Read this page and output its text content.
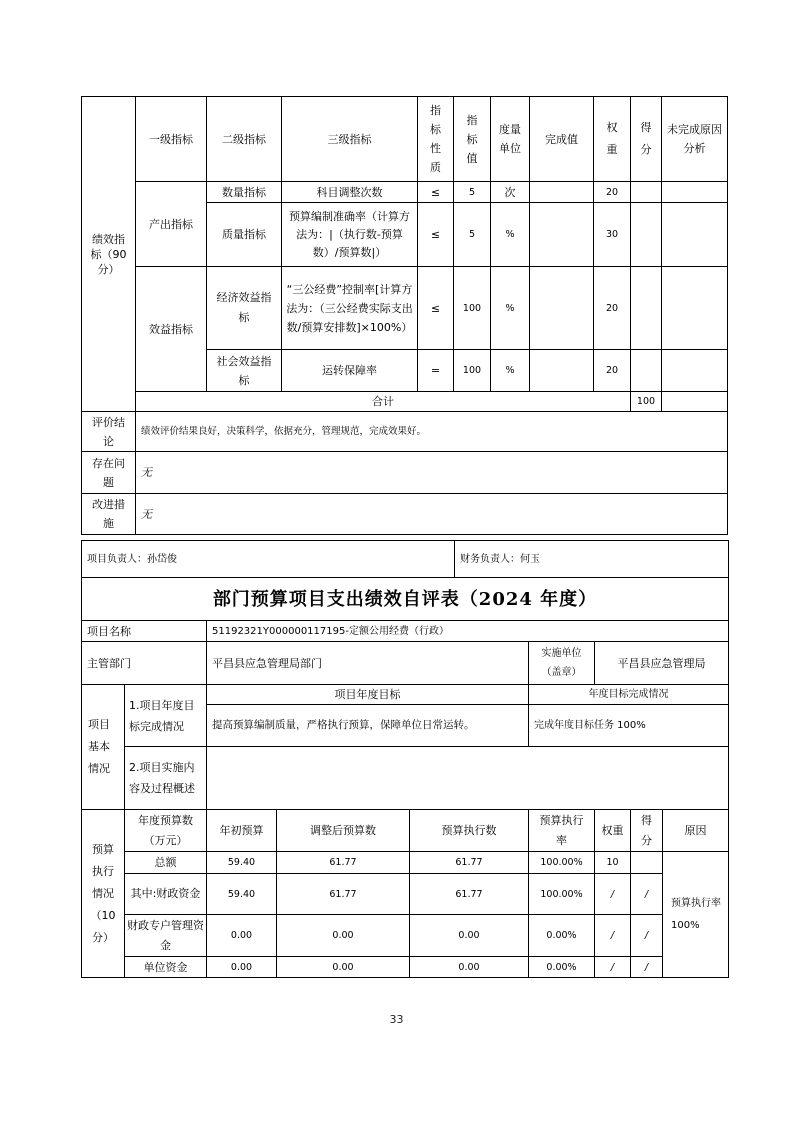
绩效指标（90分）	一级指标	二级指标	三级指标	指标性质	指标值	度量单位	完成值	权重	得分	未完成原因分析	
	产出指标	数量指标	科目调整次数	≤	5	次		20			
		质量指标	预算编制准确率（计算方法为：|（执行数-预算数）/预算数|）	≤	5	%		30			
	效益指标	经济效益指标	“三公经费”控制率[计算方法为：（三公经费实际支出数/预算安排数]×100%）	≤	100	%		20			
		社会效益指标	运转保障率	=	100	%		20			
	合计								100		
评价结论	绩效评价结果良好，决策科学，依据充分，管理规范，完成效果好。										
存在问题	无										
改进措施	无										
项目负责人：孙岱俊	财务负责人：何玉
部门预算项目支出绩效自评表（2024 年度）				
项目名称		51192321Y000000117195-定额公用经费（行政）		
主管部门		平昌县应急管理局部门	实施单位（盖章）	平昌县应急管理局
项目基本情况	1.项目年度目标完成情况	项目年度目标	年度目标完成情况	
		提高预算编制质量，严格执行预算，保障单位日常运转。	完成年度目标任务 100%	
	2.项目实施内容及过程概述			
预算执行情况（10分）	年度预算数（万元）	年初预算	调整后预算数	预算执行数	预算执行率	权重	得分	原因
	总额	59.40	61.77	61.77	100.00%	10		预算执行率100%
	其中:财政资金	59.40	61.77	61.77	100.00%	/	/	
	财政专户管理资金	0.00	0.00	0.00	0.00%	/	/	
	单位资金	0.00	0.00	0.00	0.00%	/	/	
33
